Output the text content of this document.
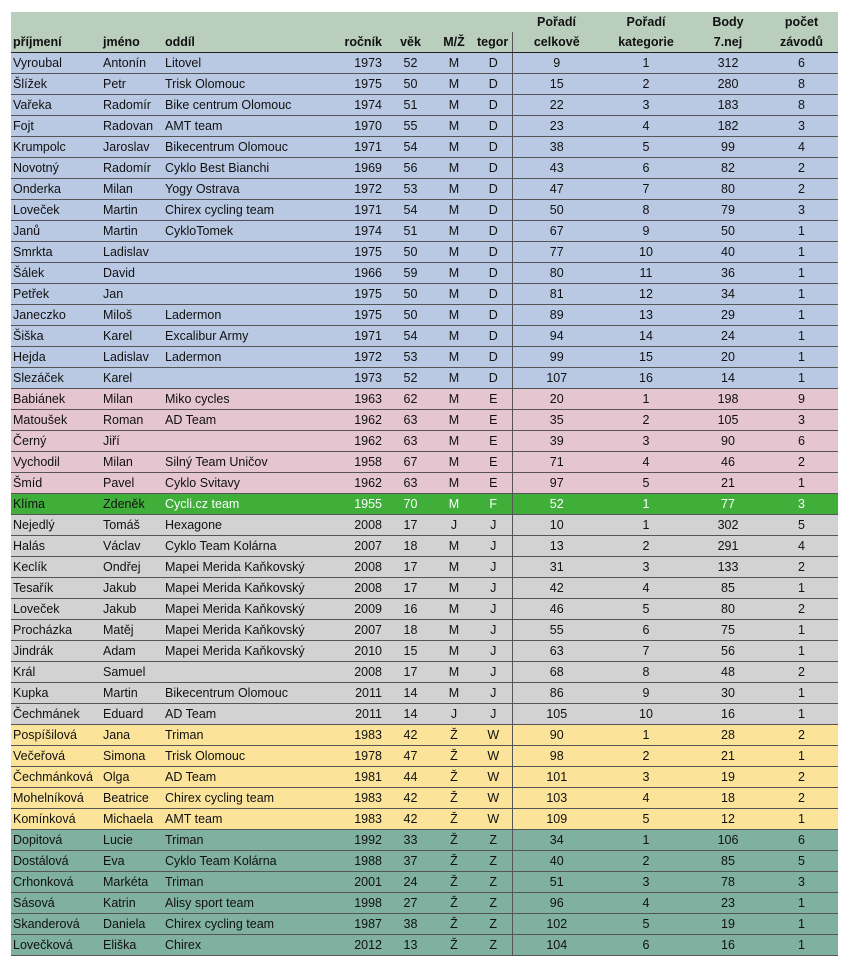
							Pořadí	Pořadí	Body	počet
příjmení	jméno	oddíl	ročník	věk	M/Ž	tegor	celkově	kategorie	7.nej	závodů
Vyroubal	Antonín	Litovel	1973	52	M	D	9	1	312	6
Šlížek	Petr	Trisk Olomouc	1975	50	M	D	15	2	280	8
Vařeka	Radomír	Bike centrum Olomouc	1974	51	M	D	22	3	183	8
Fojt	Radovan	AMT team	1970	55	M	D	23	4	182	3
Krumpolc	Jaroslav	Bikecentrum Olomouc	1971	54	M	D	38	5	99	4
Novotný	Radomír	Cyklo Best Bianchi	1969	56	M	D	43	6	82	2
Onderka	Milan	Yogy Ostrava	1972	53	M	D	47	7	80	2
Loveček	Martin	Chirex cycling team	1971	54	M	D	50	8	79	3
Janů	Martin	CykloTomek	1974	51	M	D	67	9	50	1
Smrkta	Ladislav		1975	50	M	D	77	10	40	1
Šálek	David		1966	59	M	D	80	11	36	1
Petřek	Jan		1975	50	M	D	81	12	34	1
Janeczko	Miloš	Ladermon	1975	50	M	D	89	13	29	1
Šiška	Karel	Excalibur Army	1971	54	M	D	94	14	24	1
Hejda	Ladislav	Ladermon	1972	53	M	D	99	15	20	1
Slezáček	Karel		1973	52	M	D	107	16	14	1
Babiánek	Milan	Miko cycles	1963	62	M	E	20	1	198	9
Matoušek	Roman	AD Team	1962	63	M	E	35	2	105	3
Černý	Jiří		1962	63	M	E	39	3	90	6
Vychodil	Milan	Silný Team Uničov	1958	67	M	E	71	4	46	2
Šmíd	Pavel	Cyklo Svitavy	1962	63	M	E	97	5	21	1
Klíma	Zdeněk	Cycli.cz team	1955	70	M	F	52	1	77	3
Nejedlý	Tomáš	Hexagone	2008	17	J	J	10	1	302	5
Halás	Václav	Cyklo Team Kolárna	2007	18	M	J	13	2	291	4
Keclík	Ondřej	Mapei Merida Kaňkovský	2008	17	M	J	31	3	133	2
Tesařík	Jakub	Mapei Merida Kaňkovský	2008	17	M	J	42	4	85	1
Loveček	Jakub	Mapei Merida Kaňkovský	2009	16	M	J	46	5	80	2
Procházka	Matěj	Mapei Merida Kaňkovský	2007	18	M	J	55	6	75	1
Jindrák	Adam	Mapei Merida Kaňkovský	2010	15	M	J	63	7	56	1
Král	Samuel		2008	17	M	J	68	8	48	2
Kupka	Martin	Bikecentrum Olomouc	2011	14	M	J	86	9	30	1
Čechmánek	Eduard	AD Team	2011	14	J	J	105	10	16	1
Pospíšilová	Jana	Triman	1983	42	Ž	W	90	1	28	2
Večeřová	Simona	Trisk Olomouc	1978	47	Ž	W	98	2	21	1
Čechmánková	Olga	AD Team	1981	44	Ž	W	101	3	19	2
Mohelníková	Beatrice	Chirex cycling team	1983	42	Ž	W	103	4	18	2
Komínková	Michaela	AMT team	1983	42	Ž	W	109	5	12	1
Dopitová	Lucie	Triman	1992	33	Ž	Z	34	1	106	6
Dostálová	Eva	Cyklo Team Kolárna	1988	37	Ž	Z	40	2	85	5
Crhonková	Markéta	Triman	2001	24	Ž	Z	51	3	78	3
Sásová	Katrin	Alisy sport team	1998	27	Ž	Z	96	4	23	1
Skanderová	Daniela	Chirex cycling team	1987	38	Ž	Z	102	5	19	1
Lovečková	Eliška	Chirex	2012	13	Ž	Z	104	6	16	1
